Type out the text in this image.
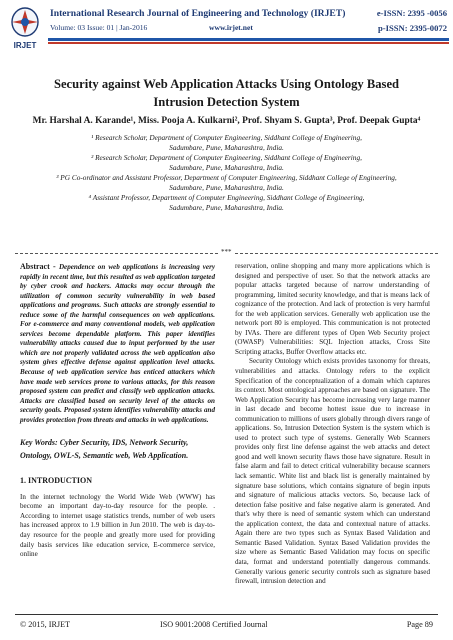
IRJET
International Research Journal of Engineering and Technology (IRJET)	e-ISSN: 2395 -0056
Volume: 03 Issue: 01 | Jan-2016	www.irjet.net	p-ISSN: 2395-0072
Security against Web Application Attacks Using Ontology Based Intrusion Detection System
Mr. Harshal A. Karande¹, Miss. Pooja A. Kulkarni², Prof. Shyam S. Gupta³, Prof. Deepak Gupta⁴
¹ Research Scholar, Department of Computer Engineering, Siddhant College of Engineering,
Sadumbare, Pune, Maharashtra, India.
² Research Scholar, Department of Computer Engineering, Siddhant College of Engineering,
Sadumbare, Pune, Maharashtra, India.
³ PG Co-ordinator and Assistant Professor, Department of Computer Engineering, Siddhant College of Engineering,
Sadumbare, Pune, Maharashtra, India.
⁴ Assistant Professor, Department of Computer Engineering, Siddhant College of Engineering,
Sadumbare, Pune, Maharashtra, India.
***

Abstract - Dependence on web applications is increasing very rapidly in recent time, but this resulted as web application targeted by cyber crook and hackers. Attacks may occur through the utilization of common security vulnerability in web based applications and programs. Such attacks are strongly essential to reduce some of the harmful consequences on web applications. For e-commerce and many conventional models, web application services become dependable platform. This paper identifies vulnerability attacks caused due to input performed by the user which are not properly validated across the web application also system gives effective defense against application level attacks. Because of web application service has enticed attackers which have made web services prone to various attacks, for this reason proposed system can predict and classify web application attacks. Attacks are classified based on security level of the attacks on security goals. Proposed system identifies vulnerability attacks and provides protection from threats and attacks in web applications.

Key Words: Cyber Security, IDS, Network Security, Ontology, OWL-S, Semantic web, Web Application.

1. INTRODUCTION

In the internet technology the World Wide Web (WWW) has become an important day-to-day resource for the people. . According to internet usage statistics trends, number of web users has increased approx to 1.9 billion in Jun 2010. The web is day-to-day resource for the people and greatly more used for providing daily basis services like education service, E-commerce service, online

reservation, online shopping and many more applications which is designed and perspective of user. So that the network attacks are popular attacks targeted because of narrow understanding of programming, limited security knowledge, and that is means lack of cognizance of the protection. And lack of protection is very harmful for the web application services. Generally web application use the network port 80 is employed. This communication is not protected by IVAs. There are different types of Open Web Security project (OWASP) Vulnerabilities: SQL Injection attacks, Cross Site Scripting attacks, Buffer Overflow attacks etc.

Security Ontology which exists provides taxonomy for threats, vulnerabilities and attacks. Ontology refers to the explicit Specification of the conceptualization of a domain which captures its context. Most ontological approaches are based on signature. The Web Application Security has become increasing very large manner in last decade and become hottest issue due to increase in communication to millions of users globally through divers range of applications. So, Intrusion Detection System is the system which is used to protect such type of systems. Generally Web Scanners provides only first line defense against the web attacks and detect good and well known security flaws those have signature. Result in false alarm and fail to detect critical vulnerability because scanners lack semantic. White list and black list is generally maintained by signature base solutions, which contains signature of begin inputs and signature of malicious attacks vectors. So, because lack of detection false positive and false negative alarm is generated. And that's why there is need of semantic system which can understand the application context, the data and contextual nature of attacks. Again there are two types such as Syntax Based Validation and Semantic Based Validation. Syntax Based Validation provides the size where as Semantic Based Validation may focus on specific data, format and understand potentially dangerous commands. Generally various generic security controls such as signature based firewall, intrusion detection and

© 2015, IRJET	ISO 9001:2008 Certified Journal	Page 89
